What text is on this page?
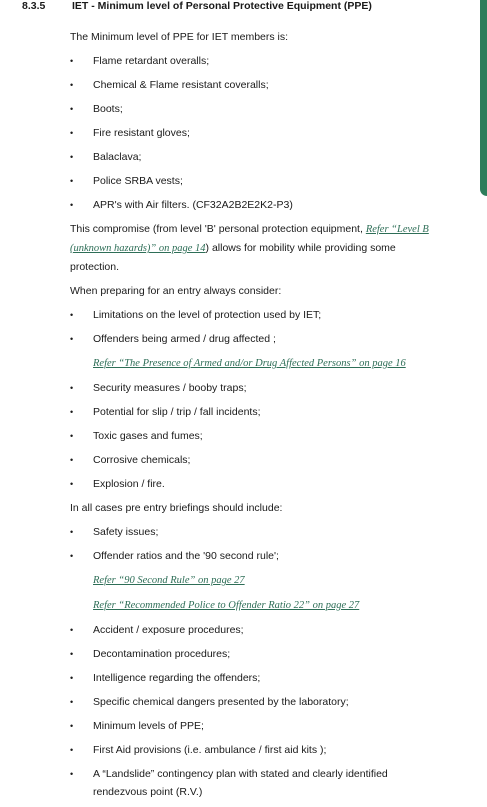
8.3.5	IET - Minimum level of Personal Protective Equipment (PPE)

The Minimum level of PPE for IET members is:

• Flame retardant overalls;
• Chemical & Flame resistant coveralls;
• Boots;
• Fire resistant gloves;
• Balaclava;
• Police SRBA vests;
• APR's with Air filters. (CF32A2B2E2K2-P3)

This compromise (from level 'B' personal protection equipment, Refer “Level B (unknown hazards)” on page 14) allows for mobility while providing some protection.

When preparing for an entry always consider:

• Limitations on the level of protection used by IET;
• Offenders being armed / drug affected ;
Refer “The Presence of Armed and/or Drug Affected Persons” on page 16
• Security measures / booby traps;
• Potential for slip / trip / fall incidents;
• Toxic gases and fumes;
• Corrosive chemicals;
• Explosion / fire.

In all cases pre entry briefings should include:

• Safety issues;
• Offender ratios and the '90 second rule';
Refer “90 Second Rule” on page 27
Refer “Recommended Police to Offender Ratio 22” on page 27
• Accident / exposure procedures;
• Decontamination procedures;
• Intelligence regarding the offenders;
• Specific chemical dangers presented by the laboratory;
• Minimum levels of PPE;
• First Aid provisions (i.e. ambulance / first aid kits );
• A “Landslide” contingency plan with stated and clearly identified rendezvous point (R.V.)
